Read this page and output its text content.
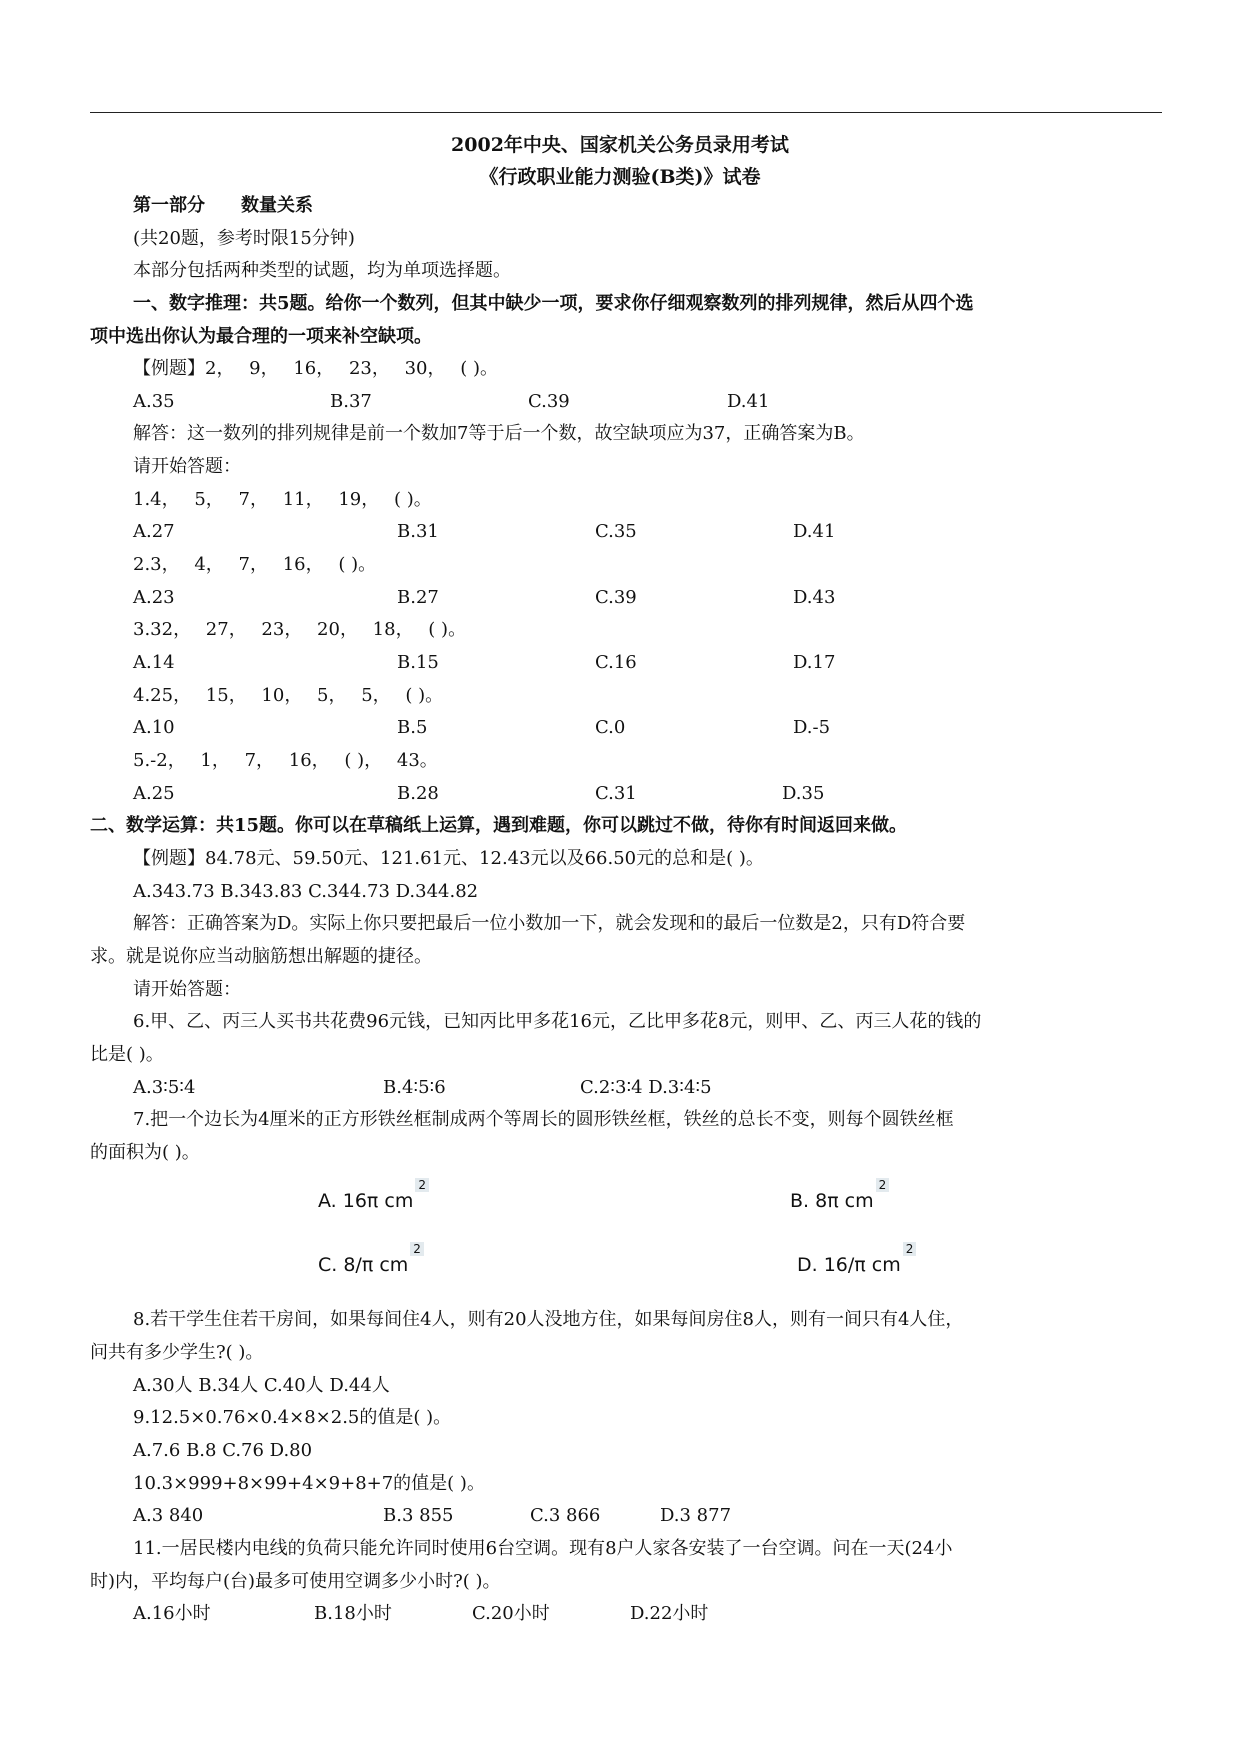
2002年中央、国家机关公务员录用考试
《行政职业能力测验(B类)》试卷
第一部分　　数量关系
(共20题，参考时限15分钟)
本部分包括两种类型的试题，均为单项选择题。
一、数字推理：共5题。给你一个数列，但其中缺少一项，要求你仔细观察数列的排列规律，然后从四个选
项中选出你认为最合理的一项来补空缺项。
【例题】2，　 9，　 16，　 23，　 30，　 ( )。
A.35	B.37	C.39	D.41
解答：这一数列的排列规律是前一个数加7等于后一个数，故空缺项应为37，正确答案为B。
请开始答题：
1.4，　 5，　 7，　 11，　 19，　 ( )。
A.27	B.31	C.35	D.41
2.3，　 4，　 7，　 16，　 ( )。
A.23	B.27	C.39	D.43
3.32，　 27，　 23，　 20，　 18，　 ( )。
A.14	B.15	C.16	D.17
4.25，　 15，　 10，　 5，　 5，　 ( )。
A.10	B.5	C.0	D.-5
5.-2，　 1，　 7，　 16，　 ( )，　 43。
A.25	B.28	C.31	D.35
二、数学运算：共15题。你可以在草稿纸上运算，遇到难题，你可以跳过不做，待你有时间返回来做。
【例题】84.78元、59.50元、121.61元、12.43元以及66.50元的总和是( )。
A.343.73 B.343.83 C.344.73 D.344.82
解答：正确答案为D。实际上你只要把最后一位小数加一下，就会发现和的最后一位数是2，只有D符合要
求。就是说你应当动脑筋想出解题的捷径。
请开始答题：
6.甲、乙、丙三人买书共花费96元钱，已知丙比甲多花16元，乙比甲多花8元，则甲、乙、丙三人花的钱的
比是( )。
A.3∶5∶4	B.4∶5∶6	C.2∶3∶4 D.3∶4∶5
7.把一个边长为4厘米的正方形铁丝框制成两个等周长的圆形铁丝框，铁丝的总长不变，则每个圆铁丝框
的面积为( )。
A. 16π cm2
B. 8π cm2
C. 8/π cm2
D. 16/π cm2
8.若干学生住若干房间，如果每间住4人，则有20人没地方住，如果每间房住8人，则有一间只有4人住，
问共有多少学生?( )。
A.30人 B.34人 C.40人 D.44人
9.12.5×0.76×0.4×8×2.5的值是( )。
A.7.6 B.8 C.76 D.80
10.3×999+8×99+4×9+8+7的值是( )。
A.3 840	B.3 855	C.3 866	D.3 877
11.一居民楼内电线的负荷只能允许同时使用6台空调。现有8户人家各安装了一台空调。问在一天(24小
时)内，平均每户(台)最多可使用空调多少小时?( )。
A.16小时	B.18小时	C.20小时	D.22小时
